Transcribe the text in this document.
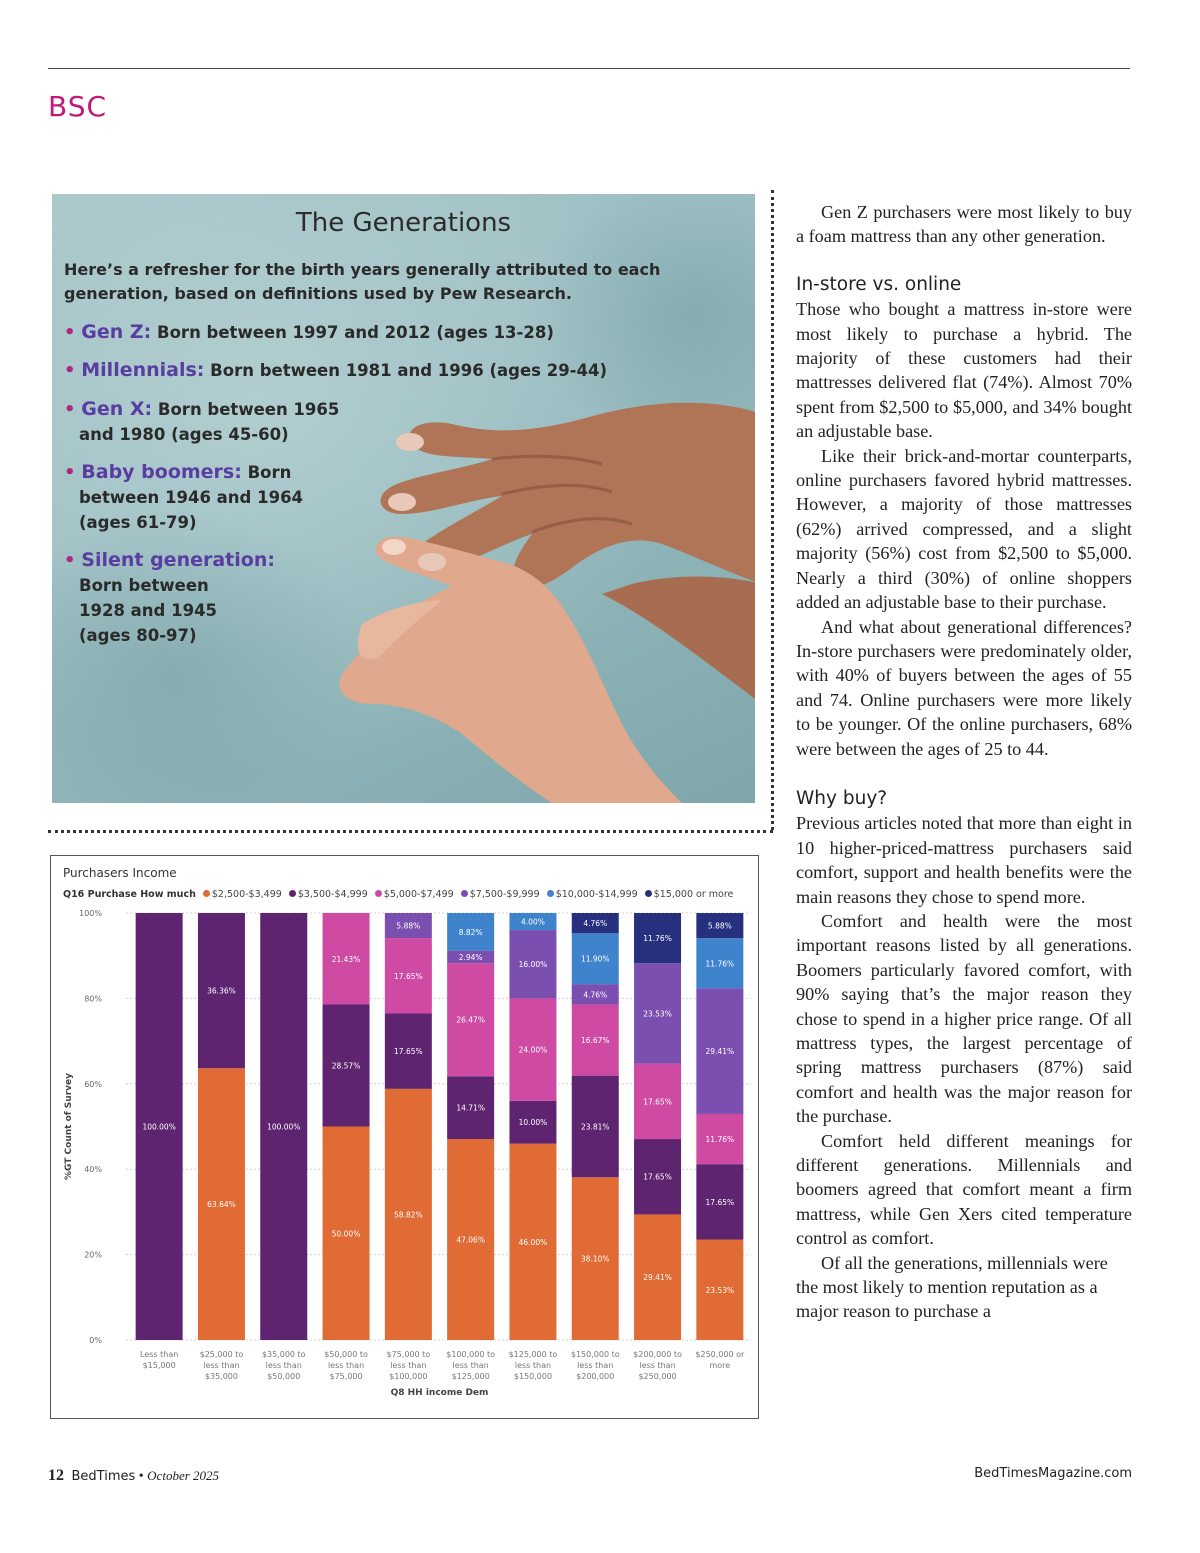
BSC
The Generations
Here’s a refresher for the birth years generally attributed to each generation, based on definitions used by Pew Research.
• Gen Z: Born between 1997 and 2012 (ages 13-28)
• Millennials: Born between 1981 and 1996 (ages 29-44)
• Gen X: Born between 1965
and 1980 (ages 45-60)
• Baby boomers: Born
between 1946 and 1964
(ages 61-79)
• Silent generation:
Born between
1928 and 1945
(ages 80-97)
0%
20%
40%
60%
80%
100%
%GT Count of Survey	100.00%
Less than
$15,000
63.64%
36.36%
$25,000 to
less than
$35,000
100.00%
$35,000 to
less than
$50,000
50.00%
28.57%
21.43%
$50,000 to
less than
$75,000
58.82%
17.65%
17.65%
5.88%
$75,000 to
less than
$100,000
47.06%
14.71%
26.47%
2.94%
8.82%
$100,000 to
less than
$125,000
46.00%
10.00%
24.00%
16.00%
4.00%
$125,000 to
less than
$150,000
38.10%
23.81%
16.67%
4.76%
11.90%
4.76%
$150,000 to
less than
$200,000
29.41%
17.65%
17.65%
23.53%
11.76%
$200,000 to
less than
$250,000
23.53%
17.65%
11.76%
29.41%
11.76%
5.88%
$250,000 or
more
Q8 HH income Dem
Purchasers Income
Q16 Purchase How much $2,500-$3,499 $3,500-$4,999 $5,000-$7,499 $7,500-$9,999 $10,000-$14,999 $15,000 or more

Gen Z purchasers were most likely to buy a foam mattress than any other generation.

In-store vs. online

Those who bought a mattress in-store were most likely to purchase a hybrid. The majority of these customers had their mattresses delivered flat (74%). Almost 70% spent from $2,500 to $5,000, and 34% bought an adjustable base.

Like their brick-and-mortar counterparts, online purchasers favored hybrid mattresses. However, a majority of those mattresses (62%) arrived compressed, and a slight majority (56%) cost from $2,500 to $5,000. Nearly a third (30%) of online shoppers added an adjustable base to their purchase.

And what about generational differences? In-store purchasers were predominately older, with 40% of buyers between the ages of 55 and 74. Online purchasers were more likely to be younger. Of the online purchasers, 68% were between the ages of 25 to 44.

Why buy?

Previous articles noted that more than eight in 10 higher-priced-mattress purchasers said comfort, support and health benefits were the main reasons they chose to spend more.

Comfort and health were the most important reasons listed by all generations. Boomers particularly favored comfort, with 90% saying that’s the major reason they chose to spend in a higher price range. Of all mattress types, the largest percentage of spring mattress purchasers (87%) said comfort and health was the major reason for the purchase.

Comfort held different meanings for different generations. Millennials and boomers agreed that comfort meant a firm mattress, while Gen Xers cited temperature control as comfort.

Of all the generations, millennials were the most likely to mention reputation as a major reason to purchase a

12 BedTimes • October 2025	BedTimesMagazine.com
